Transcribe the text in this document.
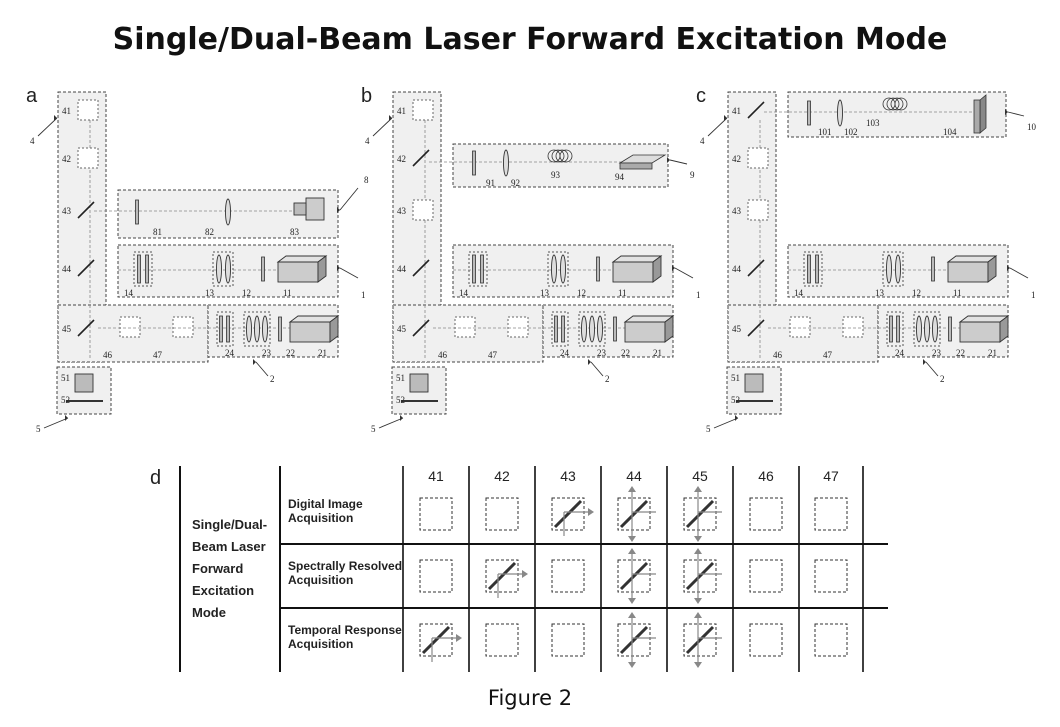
Single/Dual-Beam Laser Forward Excitation Mode
a
51
52
41
42
43
44
45
46	47
4
5
14	13	12	11	1
24	23 22	21
2
81	82	83
8
b
51
52
41
42
43
44
45
46	47
4
5
14	13	12	11	1
24	23 22	21
2
91 92
93	94	9
c
51
52
41
42
43
44
45
46	47
4
5
14	13	12	11	1
24	23 22	21
2
101 102
103
104	10
d
Single/Dual-
Beam Laser
Forward
Excitation
Mode
41	42	43	44	45	46	47
Digital Image
Acquisition
Spectrally Resolved
Acquisition
Temporal Response
Acquisition
Figure 2
